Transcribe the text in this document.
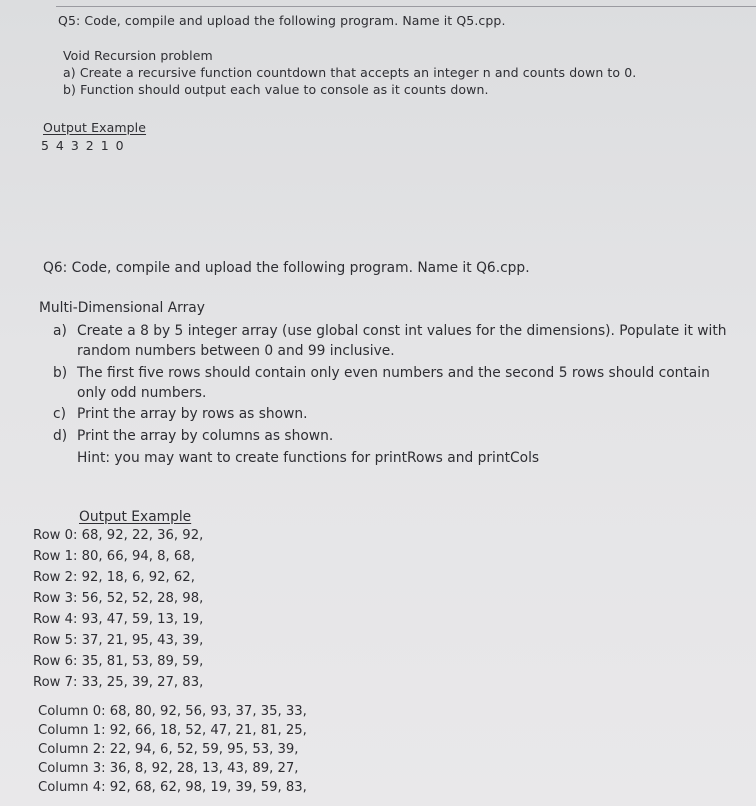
Q5: Code, compile and upload the following program. Name it Q5.cpp.
Void Recursion problem
a) Create a recursive function countdown that accepts an integer n and counts down to 0.
b) Function should output each value to console as it counts down.
Output Example
5 4 3 2 1 0
Q6: Code, compile and upload the following program. Name it Q6.cpp.
Multi-Dimensional Array
a) Create a 8 by 5 integer array (use global const int values for the dimensions). Populate it with
random numbers between 0 and 99 inclusive.
b) The first five rows should contain only even numbers and the second 5 rows should contain
only odd numbers.
c) Print the array by rows as shown.
d) Print the array by columns as shown.
Hint: you may want to create functions for printRows and printCols
Output Example
Row 0: 68, 92, 22, 36, 92,
Row 1: 80, 66, 94, 8, 68,
Row 2: 92, 18, 6, 92, 62,
Row 3: 56, 52, 52, 28, 98,
Row 4: 93, 47, 59, 13, 19,
Row 5: 37, 21, 95, 43, 39,
Row 6: 35, 81, 53, 89, 59,
Row 7: 33, 25, 39, 27, 83,
Column 0: 68, 80, 92, 56, 93, 37, 35, 33,
Column 1: 92, 66, 18, 52, 47, 21, 81, 25,
Column 2: 22, 94, 6, 52, 59, 95, 53, 39,
Column 3: 36, 8, 92, 28, 13, 43, 89, 27,
Column 4: 92, 68, 62, 98, 19, 39, 59, 83,
